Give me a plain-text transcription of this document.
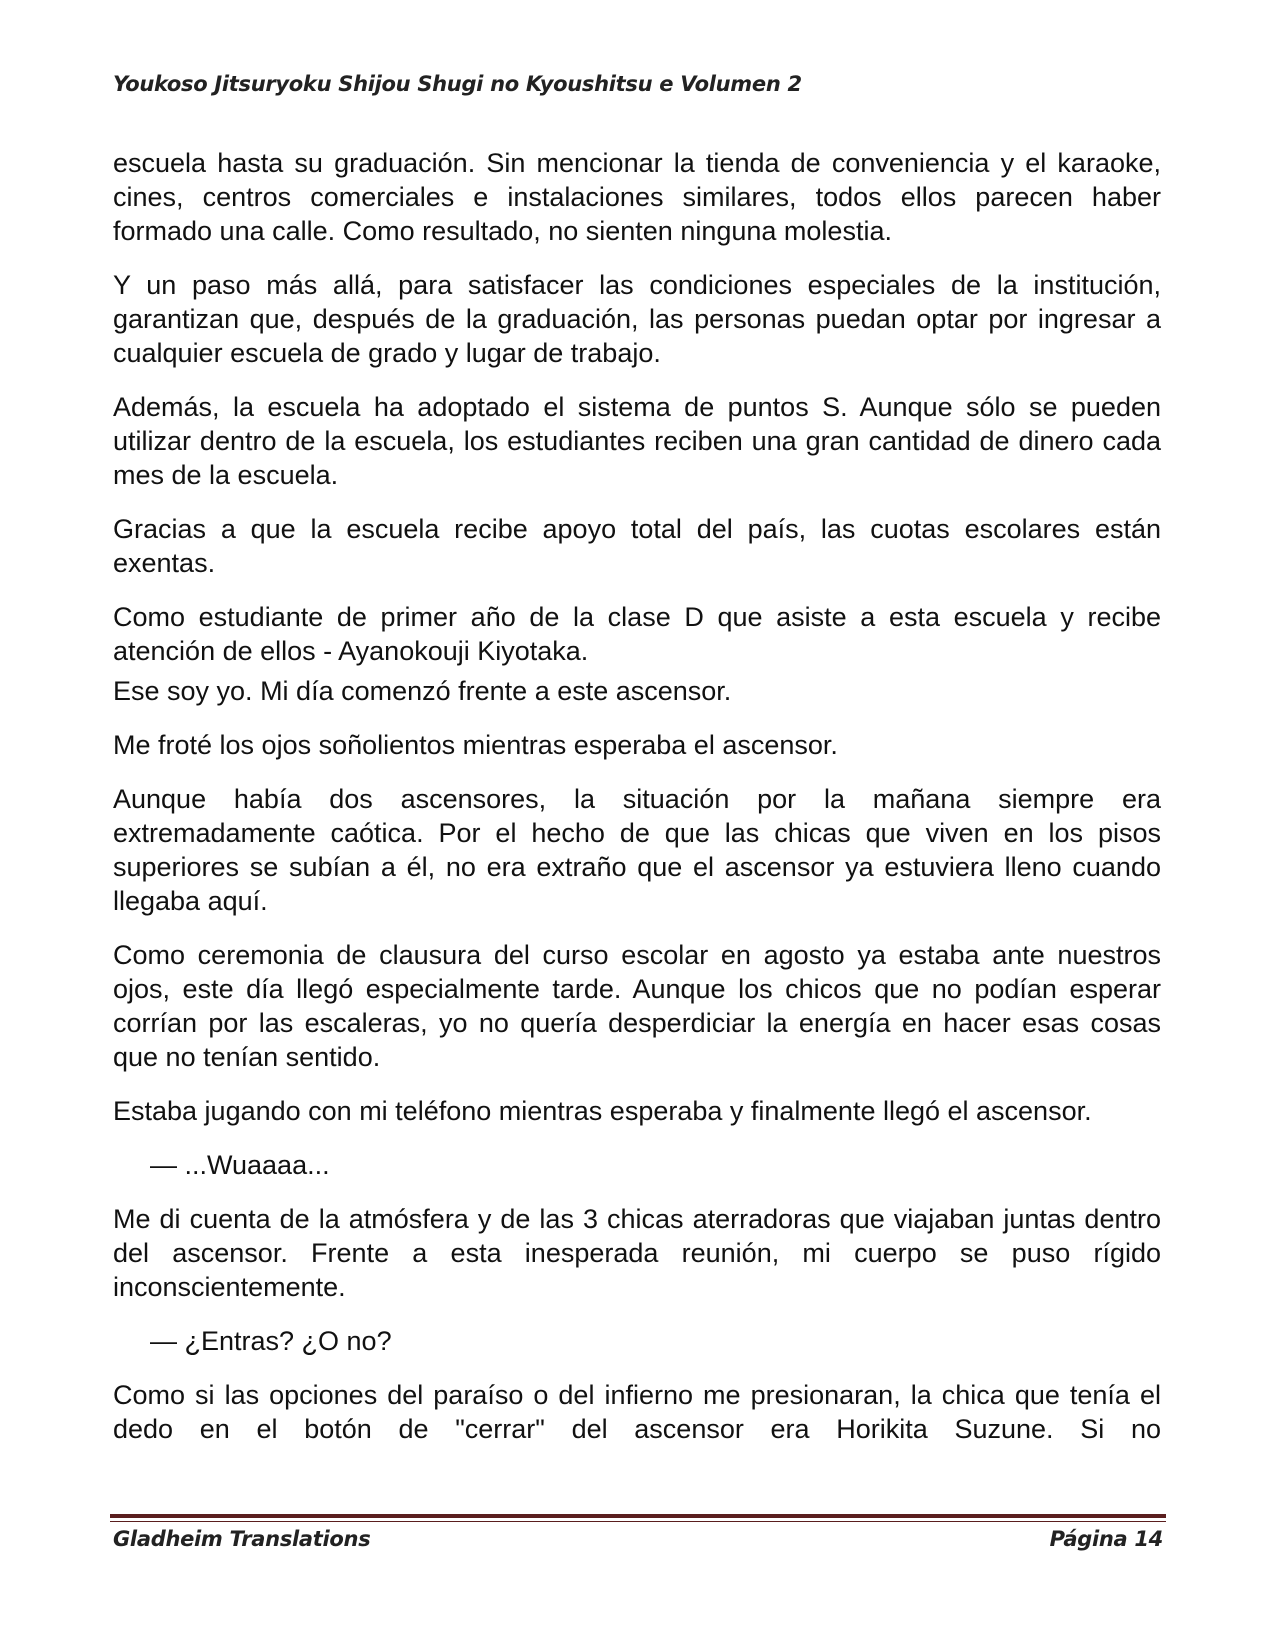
Youkoso Jitsuryoku Shijou Shugi no Kyoushitsu e Volumen 2

escuela hasta su graduación. Sin mencionar la tienda de conveniencia y el karaoke, cines, centros comerciales e instalaciones similares, todos ellos parecen haber formado una calle. Como resultado, no sienten ninguna molestia.

Y un paso más allá, para satisfacer las condiciones especiales de la institución, garantizan que, después de la graduación, las personas puedan optar por ingresar a cualquier escuela de grado y lugar de trabajo.

Además, la escuela ha adoptado el sistema de puntos S. Aunque sólo se pueden utilizar dentro de la escuela, los estudiantes reciben una gran cantidad de dinero cada mes de la escuela.

Gracias a que la escuela recibe apoyo total del país, las cuotas escolares están exentas.

Como estudiante de primer año de la clase D que asiste a esta escuela y recibe atención de ellos - Ayanokouji Kiyotaka.

Ese soy yo. Mi día comenzó frente a este ascensor.

Me froté los ojos soñolientos mientras esperaba el ascensor.

Aunque había dos ascensores, la situación por la mañana siempre era extremadamente caótica. Por el hecho de que las chicas que viven en los pisos superiores se subían a él, no era extraño que el ascensor ya estuviera lleno cuando llegaba aquí.

Como ceremonia de clausura del curso escolar en agosto ya estaba ante nuestros ojos, este día llegó especialmente tarde. Aunque los chicos que no podían esperar corrían por las escaleras, yo no quería desperdiciar la energía en hacer esas cosas que no tenían sentido.

Estaba jugando con mi teléfono mientras esperaba y finalmente llegó el ascensor.

— ...Wuaaaa...

Me di cuenta de la atmósfera y de las 3 chicas aterradoras que viajaban juntas dentro del ascensor. Frente a esta inesperada reunión, mi cuerpo se puso rígido inconscientemente.

— ¿Entras? ¿O no?

Como si las opciones del paraíso o del infierno me presionaran, la chica que tenía el dedo en el botón de "cerrar" del ascensor era Horikita Suzune. Si no

Gladheim Translations	Página 14
